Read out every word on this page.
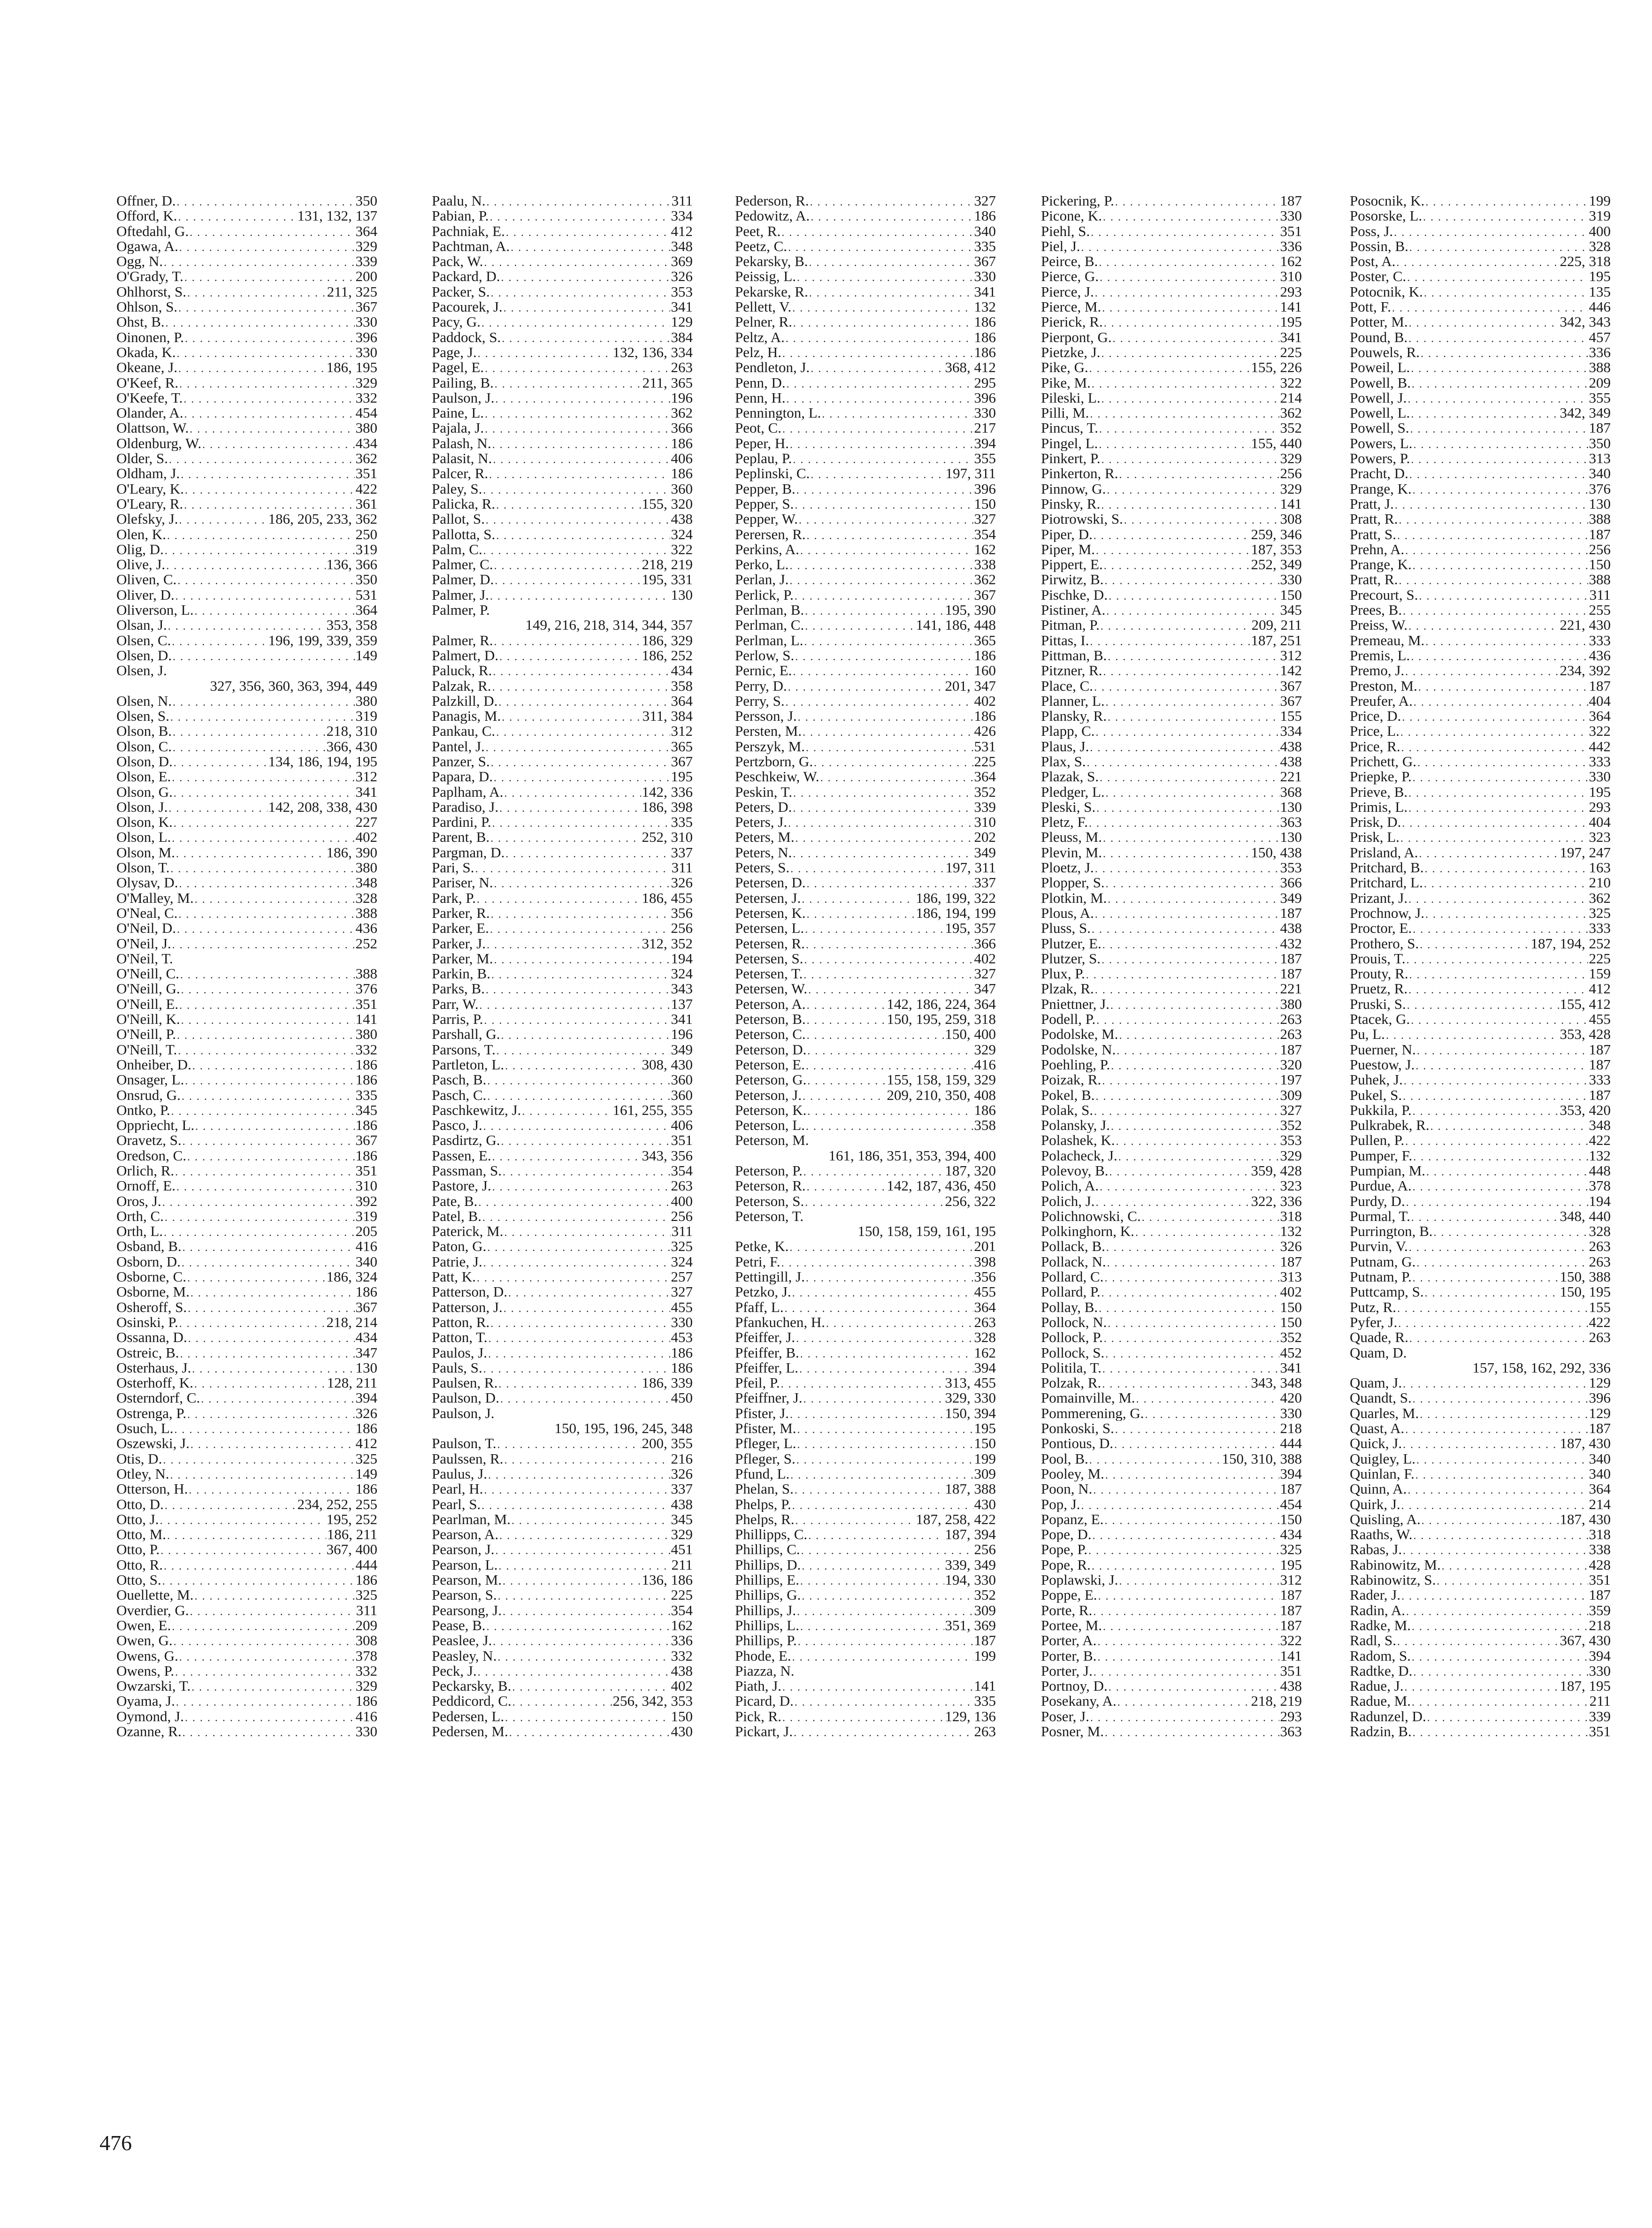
Offner, D. . . .	350
Offord, K. . . .	131, 132, 137
Oftedahl, G. . . .	364
Ogawa, A. . . .	329
Ogg, N. . . .	339
O'Grady, T. . . .	200
Ohlhorst, S. . . .	211, 325
Ohlson, S. . . .	367
Ohst, B. . . .	330
Oinonen, P. . . .	396
Okada, K. . . .	330
Okeane, J. . . .	186, 195
O'Keef, R. . . .	329
O'Keefe, T. . . .	332
Olander, A. . . .	454
Olattson, W. . . .	380
Oldenburg, W. . . .	434
Older, S. . . .	362
Oldham, J. . . .	351
O'Leary, K. . . .	422
O'Leary, R. . . .	361
Olefsky, J. . . .	186, 205, 233, 362
Olen, K. . . .	250
Olig, D. . . .	319
Olive, J. . . .	136, 366
Oliven, C. . . .	350
Oliver, D. . . .	531
Oliverson, L. . . .	364
Olsan, J. . . .	353, 358
Olsen, C. . . .	196, 199, 339, 359
Olsen, D. . . .	149
Olsen, J.
327, 356, 360, 363, 394, 449
Olsen, N. . . .	380
Olsen, S. . . .	319
Olson, B. . . .	218, 310
Olson, C. . . .	366, 430
Olson, D. . . .	134, 186, 194, 195
Olson, E. . . .	312
Olson, G. . . .	341
Olson, J. . . .	142, 208, 338, 430
Olson, K. . . .	227
Olson, L. . . .	402
Olson, M. . . .	186, 390
Olson, T. . . .	380
Olysav, D. . . .	348
O'Malley, M. . . .	328
O'Neal, C. . . .	388
O'Neil, D. . . .	436
O'Neil, J. . . .	252
O'Neil, T.
O'Neill, C. . . .	388
O'Neill, G. . . .	376
O'Neill, E. . . .	351
O'Neill, K. . . .	141
O'Neill, P. . . .	380
O'Neill, T. . . .	332
Onheiber, D. . . .	186
Onsager, L. . . .	186
Onsrud, G. . . .	335
Ontko, P. . . .	345
Oppriecht, L. . . .	186
Oravetz, S. . . .	367
Oredson, C. . . .	186
Orlich, R. . . .	351
Ornoff, E. . . .	310
Oros, J. . . .	392
Orth, C. . . .	319
Orth, L. . . .	205
Osband, B. . . .	416
Osborn, D. . . .	340
Osborne, C. . . .	186, 324
Osborne, M. . . .	186
Osheroff, S. . . .	367
Osinski, P. . . .	218, 214
Ossanna, D. . . .	434
Ostreic, B. . . .	347
Osterhaus, J. . . .	130
Osterhoff, K. . . .	128, 211
Osterndorf, C. . . .	394
Ostrenga, P. . . .	326
Osuch, L. . . .	186
Oszewski, J. . . .	412
Otis, D. . . .	325
Otley, N. . . .	149
Otterson, H. . . .	186
Otto, D. . . .	234, 252, 255
Otto, J. . . .	195, 252
Otto, M. . . .	186, 211
Otto, P. . . .	367, 400
Otto, R. . . .	444
Otto, S. . . .	186
Ouellette, M. . . .	325
Overdier, G. . . .	311
Owen, E. . . .	209
Owen, G. . . .	308
Owens, G. . . .	378
Owens, P. . . .	332
Owzarski, T. . . .	329
Oyama, J. . . .	186
Oymond, J. . . .	416
Ozanne, R. . . .	330
Paalu, N. . . .	311
Pabian, P. . . .	334
Pachniak, E. . . .	412
Pachtman, A. . . .	348
Pack, W. . . .	369
Packard, D. . . .	326
Packer, S. . . .	353
Pacourek, J. . . .	341
Pacy, G. . . .	129
Paddock, S. . . .	384
Page, J. . . .	132, 136, 334
Pagel, E. . . .	263
Pailing, B. . . .	211, 365
Paulson, J. . . .	196
Paine, L. . . .	362
Pajala, J. . . .	366
Palash, N. . . .	186
Palasit, N. . . .	406
Palcer, R. . . .	186
Paley, S. . . .	360
Palicka, R. . . .	155, 320
Pallot, S. . . .	438
Pallotta, S. . . .	324
Palm, C. . . .	322
Palmer, C. . . .	218, 219
Palmer, D. . . .	195, 331
Palmer, J. . . .	130
Palmer, P.
149, 216, 218, 314, 344, 357
Palmer, R. . . .	186, 329
Palmert, D. . . .	186, 252
Paluck, R. . . .	434
Palzak, R. . . .	358
Palzkill, D. . . .	364
Panagis, M. . . .	311, 384
Pankau, C. . . .	312
Pantel, J. . . .	365
Panzer, S. . . .	367
Papara, D. . . .	195
Paplham, A. . . .	142, 336
Paradiso, J. . . .	186, 398
Pardini, P. . . .	335
Parent, B. . . .	252, 310
Pargman, D. . . .	337
Pari, S. . . .	311
Pariser, N. . . .	326
Park, P. . . .	186, 455
Parker, R. . . .	356
Parker, E. . . .	256
Parker, J. . . .	312, 352
Parker, M. . . .	194
Parkin, B. . . .	324
Parks, B. . . .	343
Parr, W. . . .	137
Parris, P. . . .	341
Parshall, G. . . .	196
Parsons, T. . . .	349
Partleton, L. . . .	308, 430
Pasch, B. . . .	360
Pasch, C. . . .	360
Paschkewitz, J. . . .	161, 255, 355
Pasco, J. . . .	406
Pasdirtz, G. . . .	351
Passen, E. . . .	343, 356
Passman, S. . . .	354
Pastore, J. . . .	263
Pate, B. . . .	400
Patel, B. . . .	256
Paterick, M. . . .	311
Paton, G. . . .	325
Patrie, J. . . .	324
Patt, K. . . .	257
Patterson, D. . . .	327
Patterson, J. . . .	455
Patton, R. . . .	330
Patton, T. . . .	453
Paulos, J. . . .	186
Pauls, S. . . .	186
Paulsen, R. . . .	186, 339
Paulson, D. . . .	450
Paulson, J.
150, 195, 196, 245, 348
Paulson, T. . . .	200, 355
Paulssen, R. . . .	216
Paulus, J. . . .	326
Pearl, H. . . .	337
Pearl, S. . . .	438
Pearlman, M. . . .	345
Pearson, A. . . .	329
Pearson, J. . . .	451
Pearson, L. . . .	211
Pearson, M. . . .	136, 186
Pearson, S. . . .	225
Pearsong, J. . . .	354
Pease, B. . . .	162
Peaslee, J. . . .	336
Peasley, N. . . .	332
Peck, J. . . .	438
Peckarsky, B. . . .	402
Peddicord, C. . . .	256, 342, 353
Pedersen, L. . . .	150
Pedersen, M. . . .	430
Pederson, R. . . .	327
Pedowitz, A. . . .	186
Peet, R. . . .	340
Peetz, C. . . .	335
Pekarsky, B. . . .	367
Peissig, L. . . .	330
Pekarske, R. . . .	341
Pellett, V. . . .	132
Pelner, R. . . .	186
Peltz, A. . . .	186
Pelz, H. . . .	186
Pendleton, J. . . .	368, 412
Penn, D. . . .	295
Penn, H. . . .	396
Pennington, L. . . .	330
Peot, C. . . .	217
Peper, H. . . .	394
Peplau, P. . . .	355
Peplinski, C. . . .	197, 311
Pepper, B. . . .	396
Pepper, S. . . .	150
Pepper, W. . . .	327
Perersen, R. . . .	354
Perkins, A. . . .	162
Perko, L. . . .	338
Perlan, J. . . .	362
Perlick, P. . . .	367
Perlman, B. . . .	195, 390
Perlman, C. . . .	141, 186, 448
Perlman, L. . . .	365
Perlow, S. . . .	186
Pernic, E. . . .	160
Perry, D. . . .	201, 347
Perry, S. . . .	402
Persson, J. . . .	186
Persten, M. . . .	426
Perszyk, M. . . .	531
Pertzborn, G. . . .	225
Peschkeiw, W. . . .	364
Peskin, T. . . .	352
Peters, D. . . .	339
Peters, J. . . .	310
Peters, M. . . .	202
Peters, N. . . .	349
Peters, S. . . .	197, 311
Petersen, D. . . .	337
Petersen, J. . . .	186, 199, 322
Petersen, K. . . .	186, 194, 199
Petersen, L. . . .	195, 357
Petersen, R. . . .	366
Petersen, S. . . .	402
Petersen, T. . . .	327
Petersen, W. . . .	347
Peterson, A. . . .	142, 186, 224, 364
Peterson, B. . . .	150, 195, 259, 318
Peterson, C. . . .	150, 400
Peterson, D. . . .	329
Peterson, E. . . .	416
Peterson, G. . . .	155, 158, 159, 329
Peterson, J. . . .	209, 210, 350, 408
Peterson, K. . . .	186
Peterson, L. . . .	358
Peterson, M.
161, 186, 351, 353, 394, 400
Peterson, P. . . .	187, 320
Peterson, R. . . .	142, 187, 436, 450
Peterson, S. . . .	256, 322
Peterson, T.
150, 158, 159, 161, 195
Petke, K. . . .	201
Petri, F. . . .	398
Pettingill, J. . . .	356
Petzko, J. . . .	455
Pfaff, L. . . .	364
Pfankuchen, H. . . .	263
Pfeiffer, J. . . .	328
Pfeiffer, B. . . .	162
Pfeiffer, L. . . .	394
Pfeil, P. . . .	313, 455
Pfeiffner, J. . . .	329, 330
Pfister, J. . . .	150, 394
Pfister, M. . . .	195
Pfleger, L. . . .	150
Pfleger, S. . . .	199
Pfund, L. . . .	309
Phelan, S. . . .	187, 388
Phelps, P. . . .	430
Phelps, R. . . .	187, 258, 422
Phillipps, C. . . .	187, 394
Phillips, C. . . .	256
Phillips, D. . . .	339, 349
Phillips, E. . . .	194, 330
Phillips, G. . . .	352
Phillips, J. . . .	309
Phillips, L. . . .	351, 369
Phillips, P. . . .	187
Phode, E. . . .	199
Piazza, N.
Piath, J. . . .	141
Picard, D. . . .	335
Pick, R. . . .	129, 136
Pickart, J. . . .	263
Pickering, P. . . .	187
Picone, K. . . .	330
Piehl, S. . . .	351
Piel, J. . . .	336
Peirce, B. . . .	162
Pierce, G. . . .	310
Pierce, J. . . .	293
Pierce, M. . . .	141
Pierick, R. . . .	195
Pierpont, G. . . .	341
Pietzke, J. . . .	225
Pike, G. . . .	155, 226
Pike, M. . . .	322
Pileski, L. . . .	214
Pilli, M. . . .	362
Pincus, T. . . .	352
Pingel, L. . . .	155, 440
Pinkert, P. . . .	329
Pinkerton, R. . . .	256
Pinnow, G. . . .	329
Pinsky, R. . . .	141
Piotrowski, S. . . .	308
Piper, D. . . .	259, 346
Piper, M. . . .	187, 353
Pippert, E. . . .	252, 349
Pirwitz, B. . . .	330
Pischke, D. . . .	150
Pistiner, A. . . .	345
Pitman, P. . . .	209, 211
Pittas, I. . . .	187, 251
Pittman, B. . . .	312
Pitzner, R. . . .	142
Place, C. . . .	367
Planner, L. . . .	367
Plansky, R. . . .	155
Plapp, C. . . .	334
Plaus, J. . . .	438
Plax, S. . . .	438
Plazak, S. . . .	221
Pledger, L. . . .	368
Pleski, S. . . .	130
Pletz, F. . . .	363
Pleuss, M. . . .	130
Plevin, M. . . .	150, 438
Ploetz, J. . . .	353
Plopper, S. . . .	366
Plotkin, M. . . .	349
Plous, A. . . .	187
Pluss, S. . . .	438
Plutzer, E. . . .	432
Plutzer, S. . . .	187
Plux, P. . . .	187
Plzak, R. . . .	221
Pniettner, J. . . .	380
Podell, P. . . .	263
Podolske, M. . . .	263
Podolske, N. . . .	187
Poehling, P. . . .	320
Poizak, R. . . .	197
Pokel, B. . . .	309
Polak, S. . . .	327
Polansky, J. . . .	352
Polashek, K. . . .	353
Polacheck, J. . . .	329
Polevoy, B. . . .	359, 428
Polich, A. . . .	323
Polich, J. . . .	322, 336
Polichnowski, C. . . .	318
Polkinghorn, K. . . .	132
Pollack, B. . . .	326
Pollack, N. . . .	187
Pollard, C. . . .	313
Pollard, P. . . .	402
Pollay, B. . . .	150
Pollock, N. . . .	150
Pollock, P. . . .	352
Pollock, S. . . .	452
Politila, T. . . .	341
Polzak, R. . . .	343, 348
Pomainville, M. . . .	420
Pommerening, G. . . .	330
Ponkoski, S. . . .	218
Pontious, D. . . .	444
Pool, B. . . .	150, 310, 388
Pooley, M. . . .	394
Poon, N. . . .	187
Pop, J. . . .	454
Popanz, E. . . .	150
Pope, D. . . .	434
Pope, P. . . .	325
Pope, R. . . .	195
Poplawski, J. . . .	312
Poppe, E. . . .	187
Porte, R. . . .	187
Portee, M. . . .	187
Porter, A. . . .	322
Porter, B. . . .	141
Porter, J. . . .	351
Portnoy, D. . . .	438
Posekany, A. . . .	218, 219
Poser, J. . . .	293
Posner, M. . . .	363
Posocnik, K. . . .	199
Posorske, L. . . .	319
Poss, J. . . .	400
Possin, B. . . .	328
Post, A. . . .	225, 318
Poster, C. . . .	195
Potocnik, K. . . .	135
Pott, F. . . .	446
Potter, M. . . .	342, 343
Pound, B. . . .	457
Pouwels, R. . . .	336
Poweil, L. . . .	388
Powell, B. . . .	209
Powell, J. . . .	355
Powell, L. . . .	342, 349
Powell, S. . . .	187
Powers, L. . . .	350
Powers, P. . . .	313
Pracht, D. . . .	340
Prange, K. . . .	376
Pratt, J. . . .	130
Pratt, R. . . .	388
Pratt, S. . . .	187
Prehn, A. . . .	256
Prange, K. . . .	150
Pratt, R. . . .	388
Precourt, S. . . .	311
Prees, B. . . .	255
Preiss, W. . . .	221, 430
Premeau, M. . . .	333
Premis, L. . . .	436
Premo, J. . . .	234, 392
Preston, M. . . .	187
Preufer, A. . . .	404
Price, D. . . .	364
Price, L. . . .	322
Price, R. . . .	442
Prichett, G. . . .	333
Priepke, P. . . .	330
Prieve, B. . . .	195
Primis, L. . . .	293
Prisk, D. . . .	404
Prisk, L. . . .	323
Prisland, A. . . .	197, 247
Pritchard, B. . . .	163
Pritchard, L. . . .	210
Prizant, J. . . .	362
Prochnow, J. . . .	325
Proctor, E. . . .	333
Prothero, S. . . .	187, 194, 252
Prouis, T. . . .	225
Prouty, R. . . .	159
Pruetz, R. . . .	412
Pruski, S. . . .	155, 412
Ptacek, G. . . .	455
Pu, L. . . .	353, 428
Puerner, N. . . .	187
Puestow, J. . . .	187
Puhek, J. . . .	333
Pukel, S. . . .	187
Pukkila, P. . . .	353, 420
Pulkrabek, R. . . .	348
Pullen, P. . . .	422
Pumper, F. . . .	132
Pumpian, M. . . .	448
Purdue, A. . . .	378
Purdy, D. . . .	194
Purmal, T. . . .	348, 440
Purrington, B. . . .	328
Purvin, V. . . .	263
Putnam, G. . . .	263
Putnam, P. . . .	150, 388
Puttcamp, S. . . .	150, 195
Putz, R. . . .	155
Pyfer, J. . . .	422
Quade, R. . . .	263
Quam, D.
157, 158, 162, 292, 336
Quam, J. . . .	129
Quandt, S. . . .	396
Quarles, M. . . .	129
Quast, A. . . .	187
Quick, J. . . .	187, 430
Quigley, L. . . .	340
Quinlan, F. . . .	340
Quinn, A. . . .	364
Quirk, J. . . .	214
Quisling, A. . . .	187, 430
Raaths, W. . . .	318
Rabas, J. . . .	338
Rabinowitz, M. . . .	428
Rabinowitz, S. . . .	351
Rader, J. . . .	187
Radin, A. . . .	359
Radke, M. . . .	218
Radl, S. . . .	367, 430
Radom, S. . . .	394
Radtke, D. . . .	330
Radue, J. . . .	187, 195
Radue, M. . . .	211
Radunzel, D. . . .	339
Radzin, B. . . .	351
476
